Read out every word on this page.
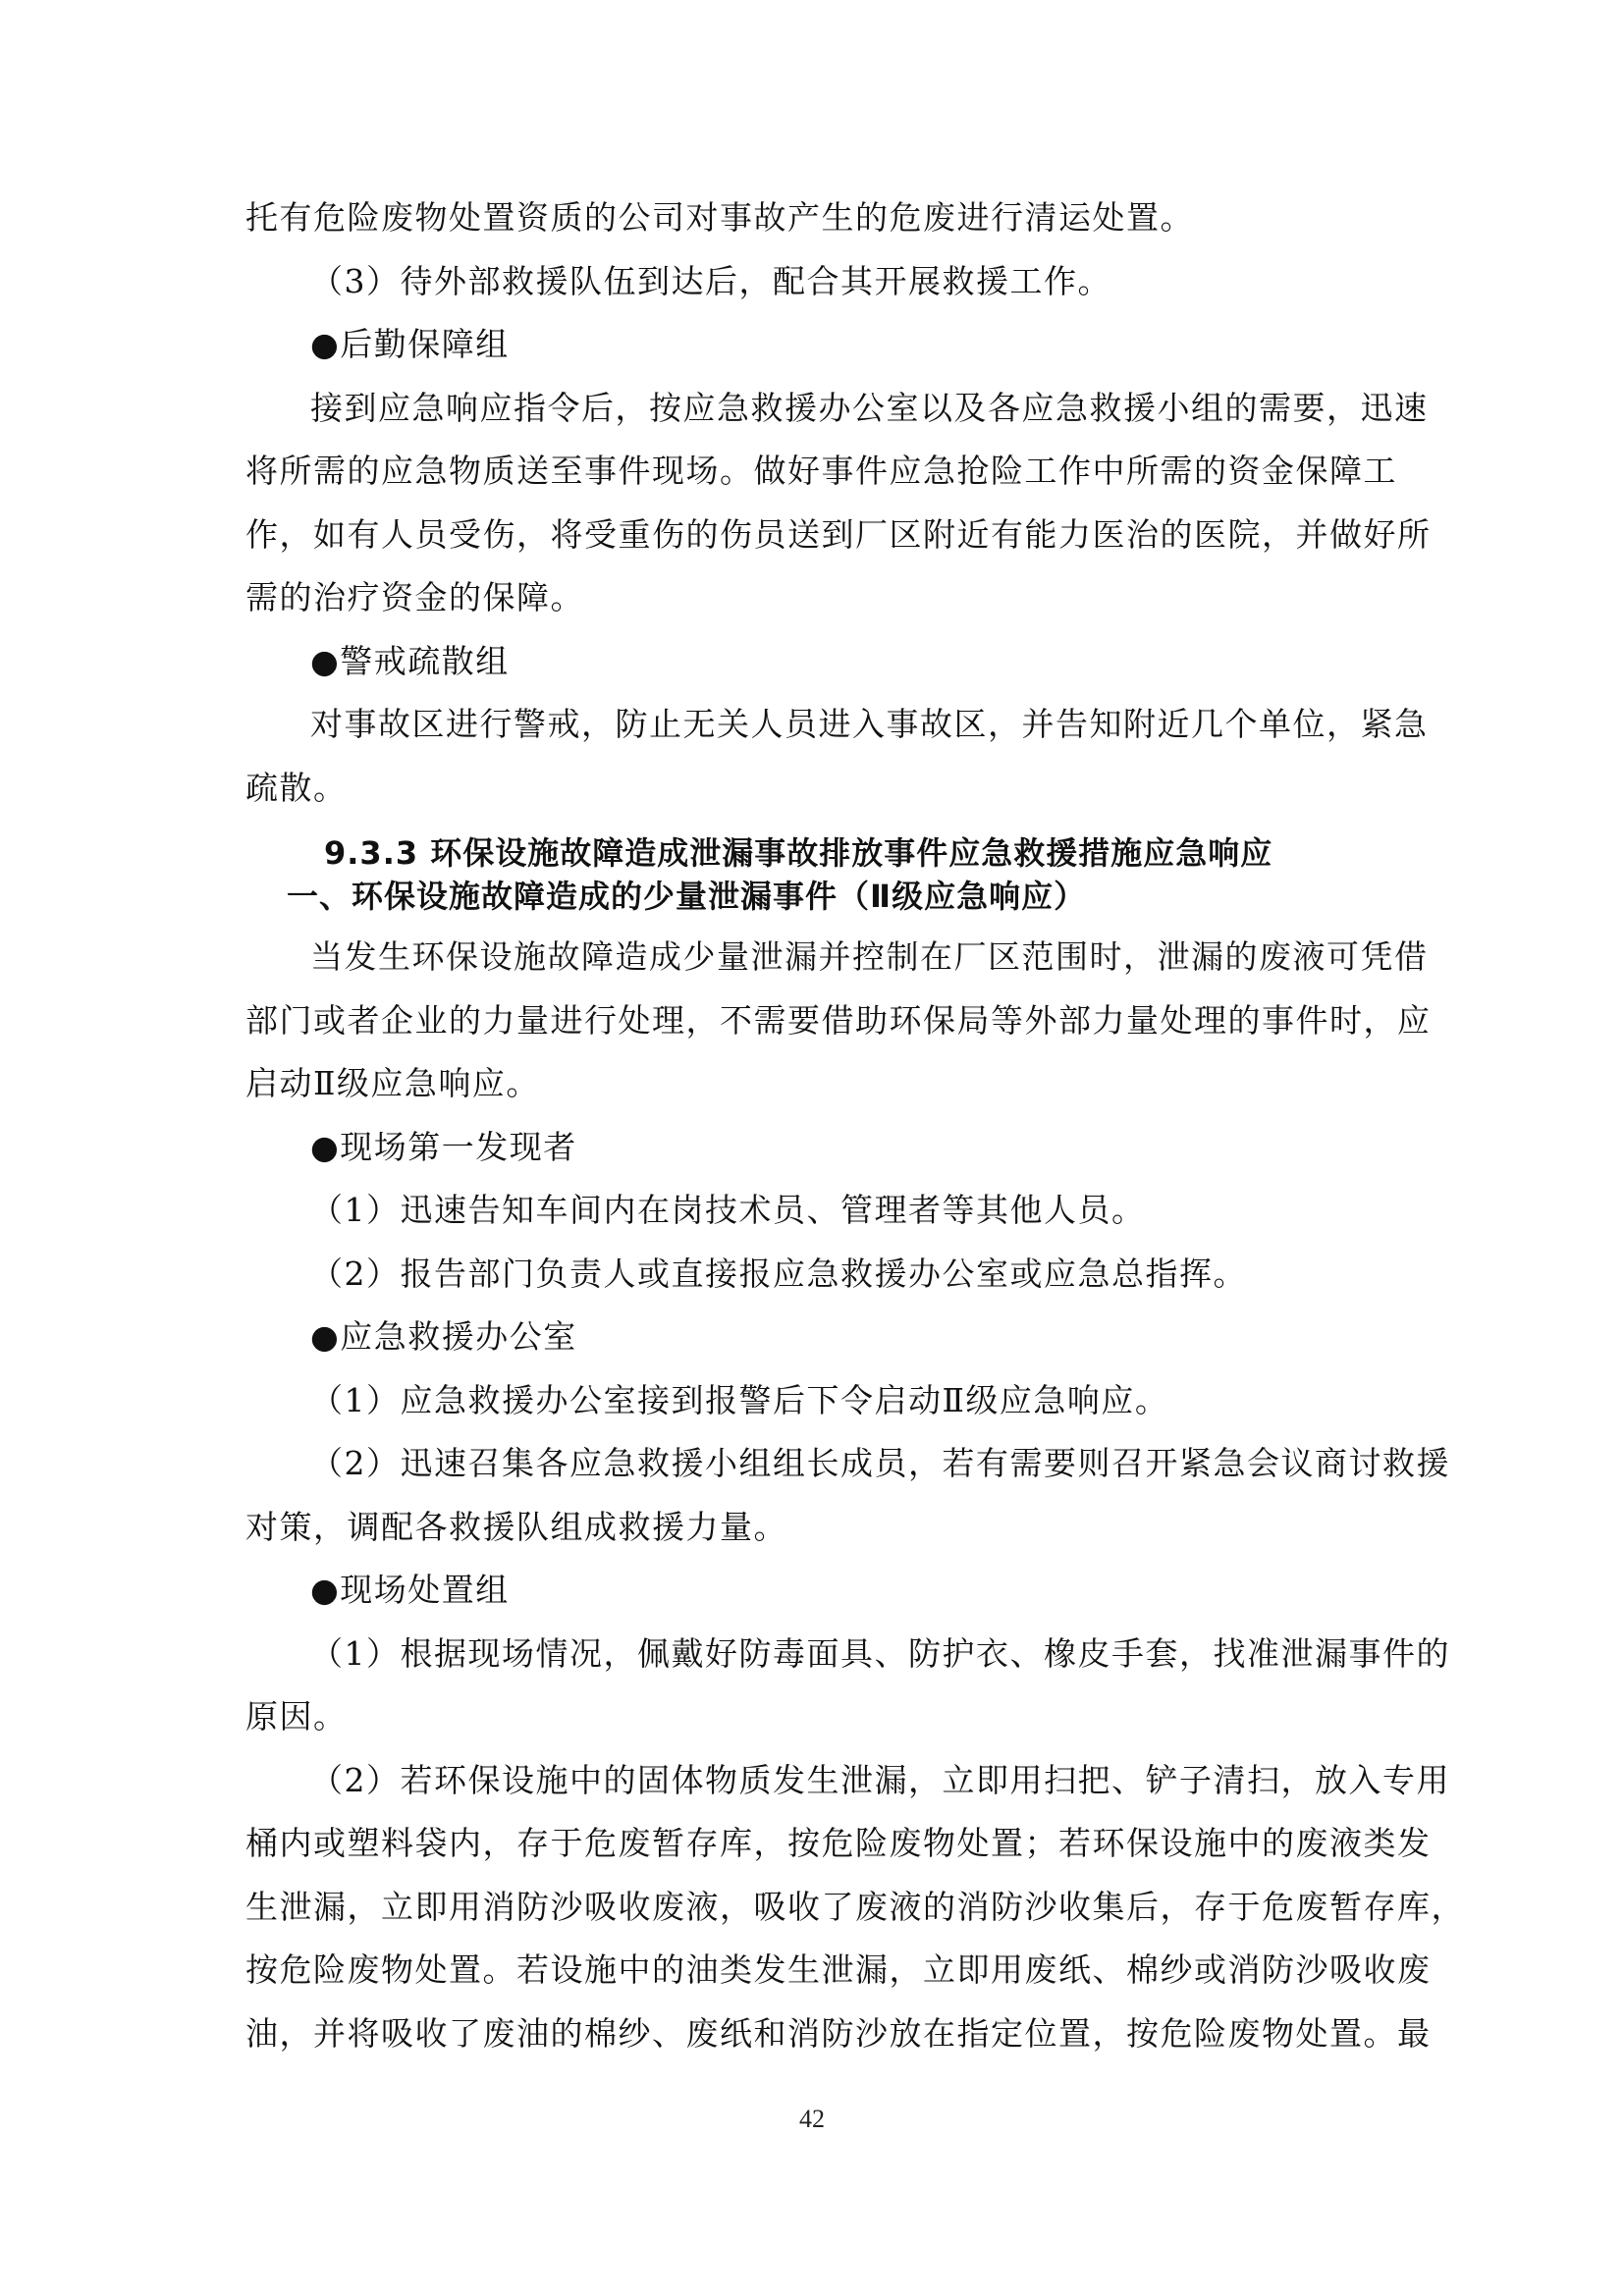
托有危险废物处置资质的公司对事故产生的危废进行清运处置。
（3）待外部救援队伍到达后，配合其开展救援工作。
●后勤保障组
接到应急响应指令后，按应急救援办公室以及各应急救援小组的需要，迅速
将所需的应急物质送至事件现场。做好事件应急抢险工作中所需的资金保障工
作，如有人员受伤，将受重伤的伤员送到厂区附近有能力医治的医院，并做好所
需的治疗资金的保障。
●警戒疏散组
对事故区进行警戒，防止无关人员进入事故区，并告知附近几个单位，紧急
疏散。
9.3.3 环保设施故障造成泄漏事故排放事件应急救援措施应急响应
一、环保设施故障造成的少量泄漏事件（Ⅱ级应急响应）
当发生环保设施故障造成少量泄漏并控制在厂区范围时，泄漏的废液可凭借
部门或者企业的力量进行处理，不需要借助环保局等外部力量处理的事件时，应
启动Ⅱ级应急响应。
●现场第一发现者
（1）迅速告知车间内在岗技术员、管理者等其他人员。
（2）报告部门负责人或直接报应急救援办公室或应急总指挥。
●应急救援办公室
（1）应急救援办公室接到报警后下令启动Ⅱ级应急响应。
（2）迅速召集各应急救援小组组长成员，若有需要则召开紧急会议商讨救援
对策，调配各救援队组成救援力量。
●现场处置组
（1）根据现场情况，佩戴好防毒面具、防护衣、橡皮手套，找准泄漏事件的
原因。
（2）若环保设施中的固体物质发生泄漏，立即用扫把、铲子清扫，放入专用
桶内或塑料袋内，存于危废暂存库，按危险废物处置；若环保设施中的废液类发
生泄漏，立即用消防沙吸收废液，吸收了废液的消防沙收集后，存于危废暂存库，
按危险废物处置。若设施中的油类发生泄漏，立即用废纸、棉纱或消防沙吸收废
油，并将吸收了废油的棉纱、废纸和消防沙放在指定位置，按危险废物处置。最
42
